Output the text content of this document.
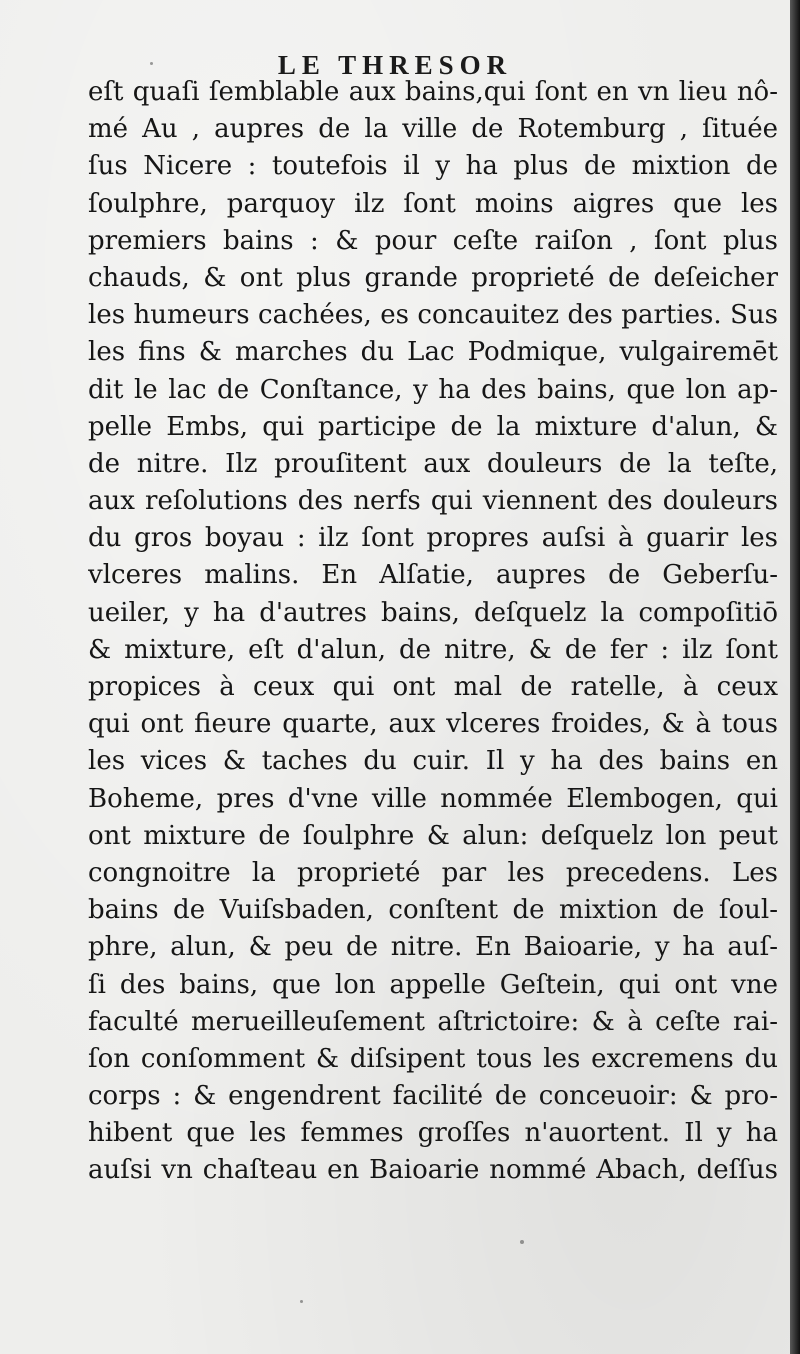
LE THRESOR
eſt quaſi ſemblable aux bains,qui ſont en vn lieu nô-
mé Au , aupres de la ville de Rotemburg , ſituée
ſus Nicere : toutefois il y ha plus de mixtion de
ſoulphre, parquoy ilz ſont moins aigres que les
premiers bains : & pour ceſte raiſon , ſont plus
chauds, & ont plus grande proprieté de deſeicher
les humeurs cachées, es concauitez des parties. Sus
les fins & marches du Lac Podmique, vulgairemēt
dit le lac de Conſtance, y ha des bains, que lon ap-
pelle Embs, qui participe de la mixture d'alun, &
de nitre. Ilz prouſitent aux douleurs de la teſte,
aux reſolutions des nerfs qui viennent des douleurs
du gros boyau : ilz ſont propres auſsi à guarir les
vlceres malins. En Alſatie, aupres de Geberſu-
ueiler, y ha d'autres bains, deſquelz la compoſitiō
& mixture, eſt d'alun, de nitre, & de fer : ilz ſont
propices à ceux qui ont mal de ratelle, à ceux
qui ont fieure quarte, aux vlceres froides, & à tous
les vices & taches du cuir. Il y ha des bains en
Boheme, pres d'vne ville nommée Elembogen, qui
ont mixture de ſoulphre & alun: deſquelz lon peut
congnoitre la proprieté par les precedens. Les
bains de Vuiſsbaden, conſtent de mixtion de ſoul-
phre, alun, & peu de nitre. En Baioarie, y ha auſ-
ſi des bains, que lon appelle Geſtein, qui ont vne
faculté merueilleuſement aſtrictoire: & à ceſte rai-
ſon conſomment & diſsipent tous les excremens du
corps : & engendrent facilité de conceuoir: & pro-
hibent que les femmes groſſes n'auortent. Il y ha
auſsi vn chaſteau en Baioarie nommé Abach, deſſus
